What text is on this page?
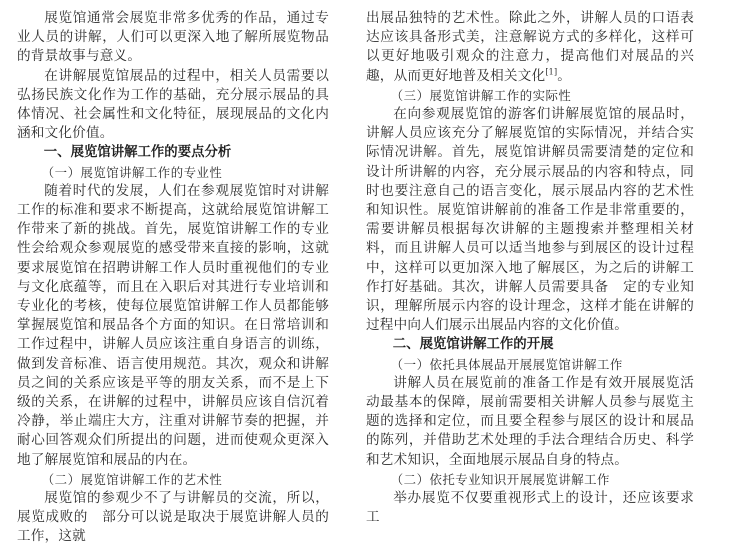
展览馆通常会展览非常多优秀的作品，通过专业人员的讲解，人们可以更深入地了解所展览物品的背景故事与意义。

在讲解展览馆展品的过程中，相关人员需要以弘扬民族文化作为工作的基础，充分展示展品的具体情况、社会属性和文化特征，展现展品的文化内涵和文化价值。

一、展览馆讲解工作的要点分析
（一）展览馆讲解工作的专业性

随着时代的发展，人们在参观展览馆时对讲解工作的标准和要求不断提高，这就给展览馆讲解工作带来了新的挑战。首先，展览馆讲解工作的专业性会给观众参观展览的感受带来直接的影响，这就要求展览馆在招聘讲解工作人员时重视他们的专业与文化底蕴等，而且在入职后对其进行专业培训和专业化的考核，使每位展览馆讲解工作人员都能够掌握展览馆和展品各个方面的知识。在日常培训和工作过程中，讲解人员应该注重自身语言的训练，做到发音标准、语言使用规范。其次，观众和讲解员之间的关系应该是平等的朋友关系，而不是上下级的关系，在讲解的过程中，讲解员应该自信沉着冷静，举止端庄大方，注重对讲解节奏的把握，并耐心回答观众们所提出的问题，进而使观众更深入地了解展览馆和展品的内在。

（二）展览馆讲解工作的艺术性

展览馆的参观少不了与讲解员的交流，所以，展览成败的　部分可以说是取决于展览讲解人员的工作，这就

出展品独特的艺术性。除此之外，讲解人员的口语表达应该具备形式美，注意解说方式的多样化，这样可以更好地吸引观众的注意力，提高他们对展品的兴趣，从而更好地普及相关文化[1]。

（三）展览馆讲解工作的实际性

在向参观展览馆的游客们讲解展览馆的展品时，讲解人员应该充分了解展览馆的实际情况，并结合实际情况讲解。首先，展览馆讲解员需要清楚的定位和设计所讲解的内容，充分展示展品的内容和特点，同时也要注意自己的语言变化，展示展品内容的艺术性和知识性。展览馆讲解前的准备工作是非常重要的，需要讲解员根据每次讲解的主题搜索并整理相关材料，而且讲解人员可以适当地参与到展区的设计过程中，这样可以更加深入地了解展区，为之后的讲解工作打好基础。其次，讲解人员需要具备　定的专业知识，理解所展示内容的设计理念，这样才能在讲解的过程中向人们展示出展品内容的文化价值。

二、展览馆讲解工作的开展
（一）依托具体展品开展展览馆讲解工作

讲解人员在展览前的准备工作是有效开展展览活动最基本的保障，展前需要相关讲解人员参与展览主题的选择和定位，而且要全程参与展区的设计和展品的陈列，并借助艺术处理的手法合理结合历史、科学和艺术知识，全面地展示展品自身的特点。

（二）依托专业知识开展展览讲解工作

举办展览不仅要重视形式上的设计，还应该要求工
